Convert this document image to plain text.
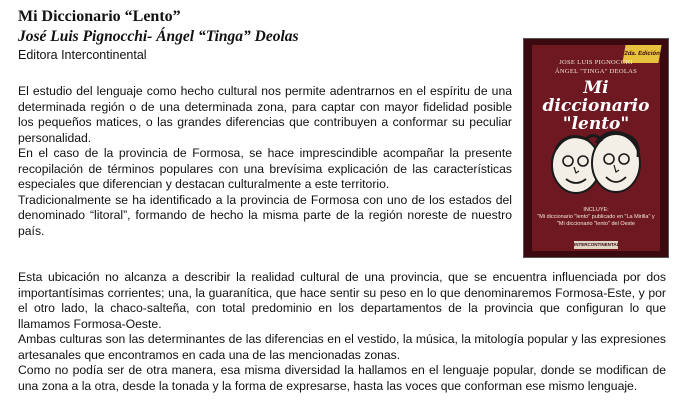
Mi Diccionario “Lento”
José Luis Pignocchi- Ángel “Tinga” Deolas
Editora Intercontinental

El estudio del lenguaje como hecho cultural nos permite adentrarnos en el espíritu de una determinada región o de una determinada zona, para captar con mayor fidelidad posible los pequeños matices, o las grandes diferencias que contribuyen a conformar su peculiar personalidad.

En el caso de la provincia de Formosa, se hace imprescindible acompañar la presente recopilación de términos populares con una brevísima explicación de las características especiales que diferencian y destacan culturalmente a este territorio.

Tradicionalmente se ha identificado a la provincia de Formosa con uno de los estados del denominado “litoral”, formando de hecho la misma parte de la región noreste de nuestro país.

Esta ubicación no alcanza a describir la realidad cultural de una provincia, que se encuentra influenciada por dos importantísimas corrientes; una, la guaranítica, que hace sentir su peso en lo que denominaremos Formosa-Este, y por el otro lado, la chaco-salteña, con total predominio en los departamentos de la provincia que configuran lo que llamamos Formosa-Oeste.

Ambas culturas son las determinantes de las diferencias en el vestido, la música, la mitología popular y las expresiones artesanales que encontramos en cada una de las mencionadas zonas.

Como no podía ser de otra manera, esa misma diversidad la hallamos en el lenguaje popular, donde se modifican de una zona a la otra, desde la tonada y la forma de expresarse, hasta las voces que conforman ese mismo lenguaje.

2da. Edición
JOSE LUIS PIGNOCCHI
ÁNGEL "TINGA" DEOLAS
Mi diccionario
"lento"
INCLUYE:
"Mi diccionario "lento" publicado en "La Mirilla" y
"Mi diccionario "lento" del Oeste
INTERCONTINENTAL EDITORA
